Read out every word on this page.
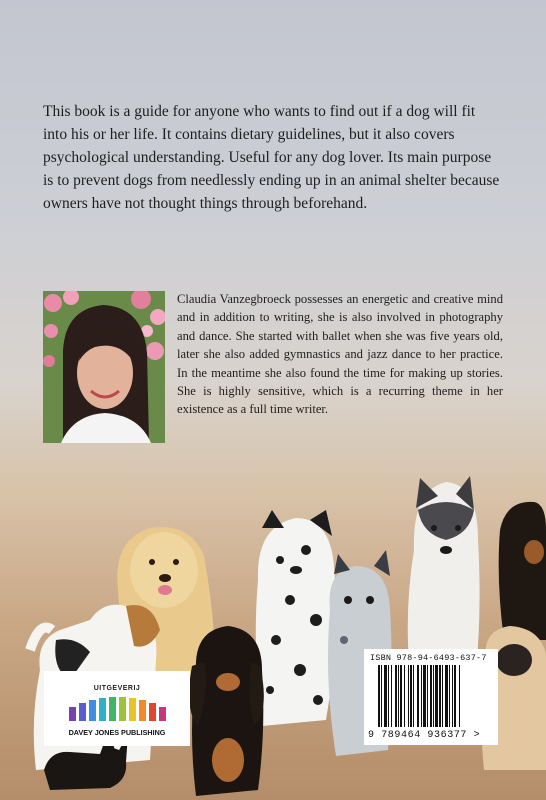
This book is a guide for anyone who wants to find out if a dog will fit into his or her life. It contains dietary guidelines, but it also covers psychological understanding. Useful for any dog lover. Its main purpose is to prevent dogs from needlessly ending up in an animal shelter because owners have not thought things through beforehand.

Claudia Vanzegbroeck possesses an energetic and creative mind and in addition to writing, she is also involved in photography and dance. She started with ballet when she was five years old, later she also added gymnastics and jazz dance to her practice. In the meantime she also found the time for making up stories. She is highly sensitive, which is a recurring theme in her existence as a full time writer.

UITGEVERIJ
DAVEY JONES PUBLISHING
ISBN 978-94-6493-637-7
9 789464 936377 >
